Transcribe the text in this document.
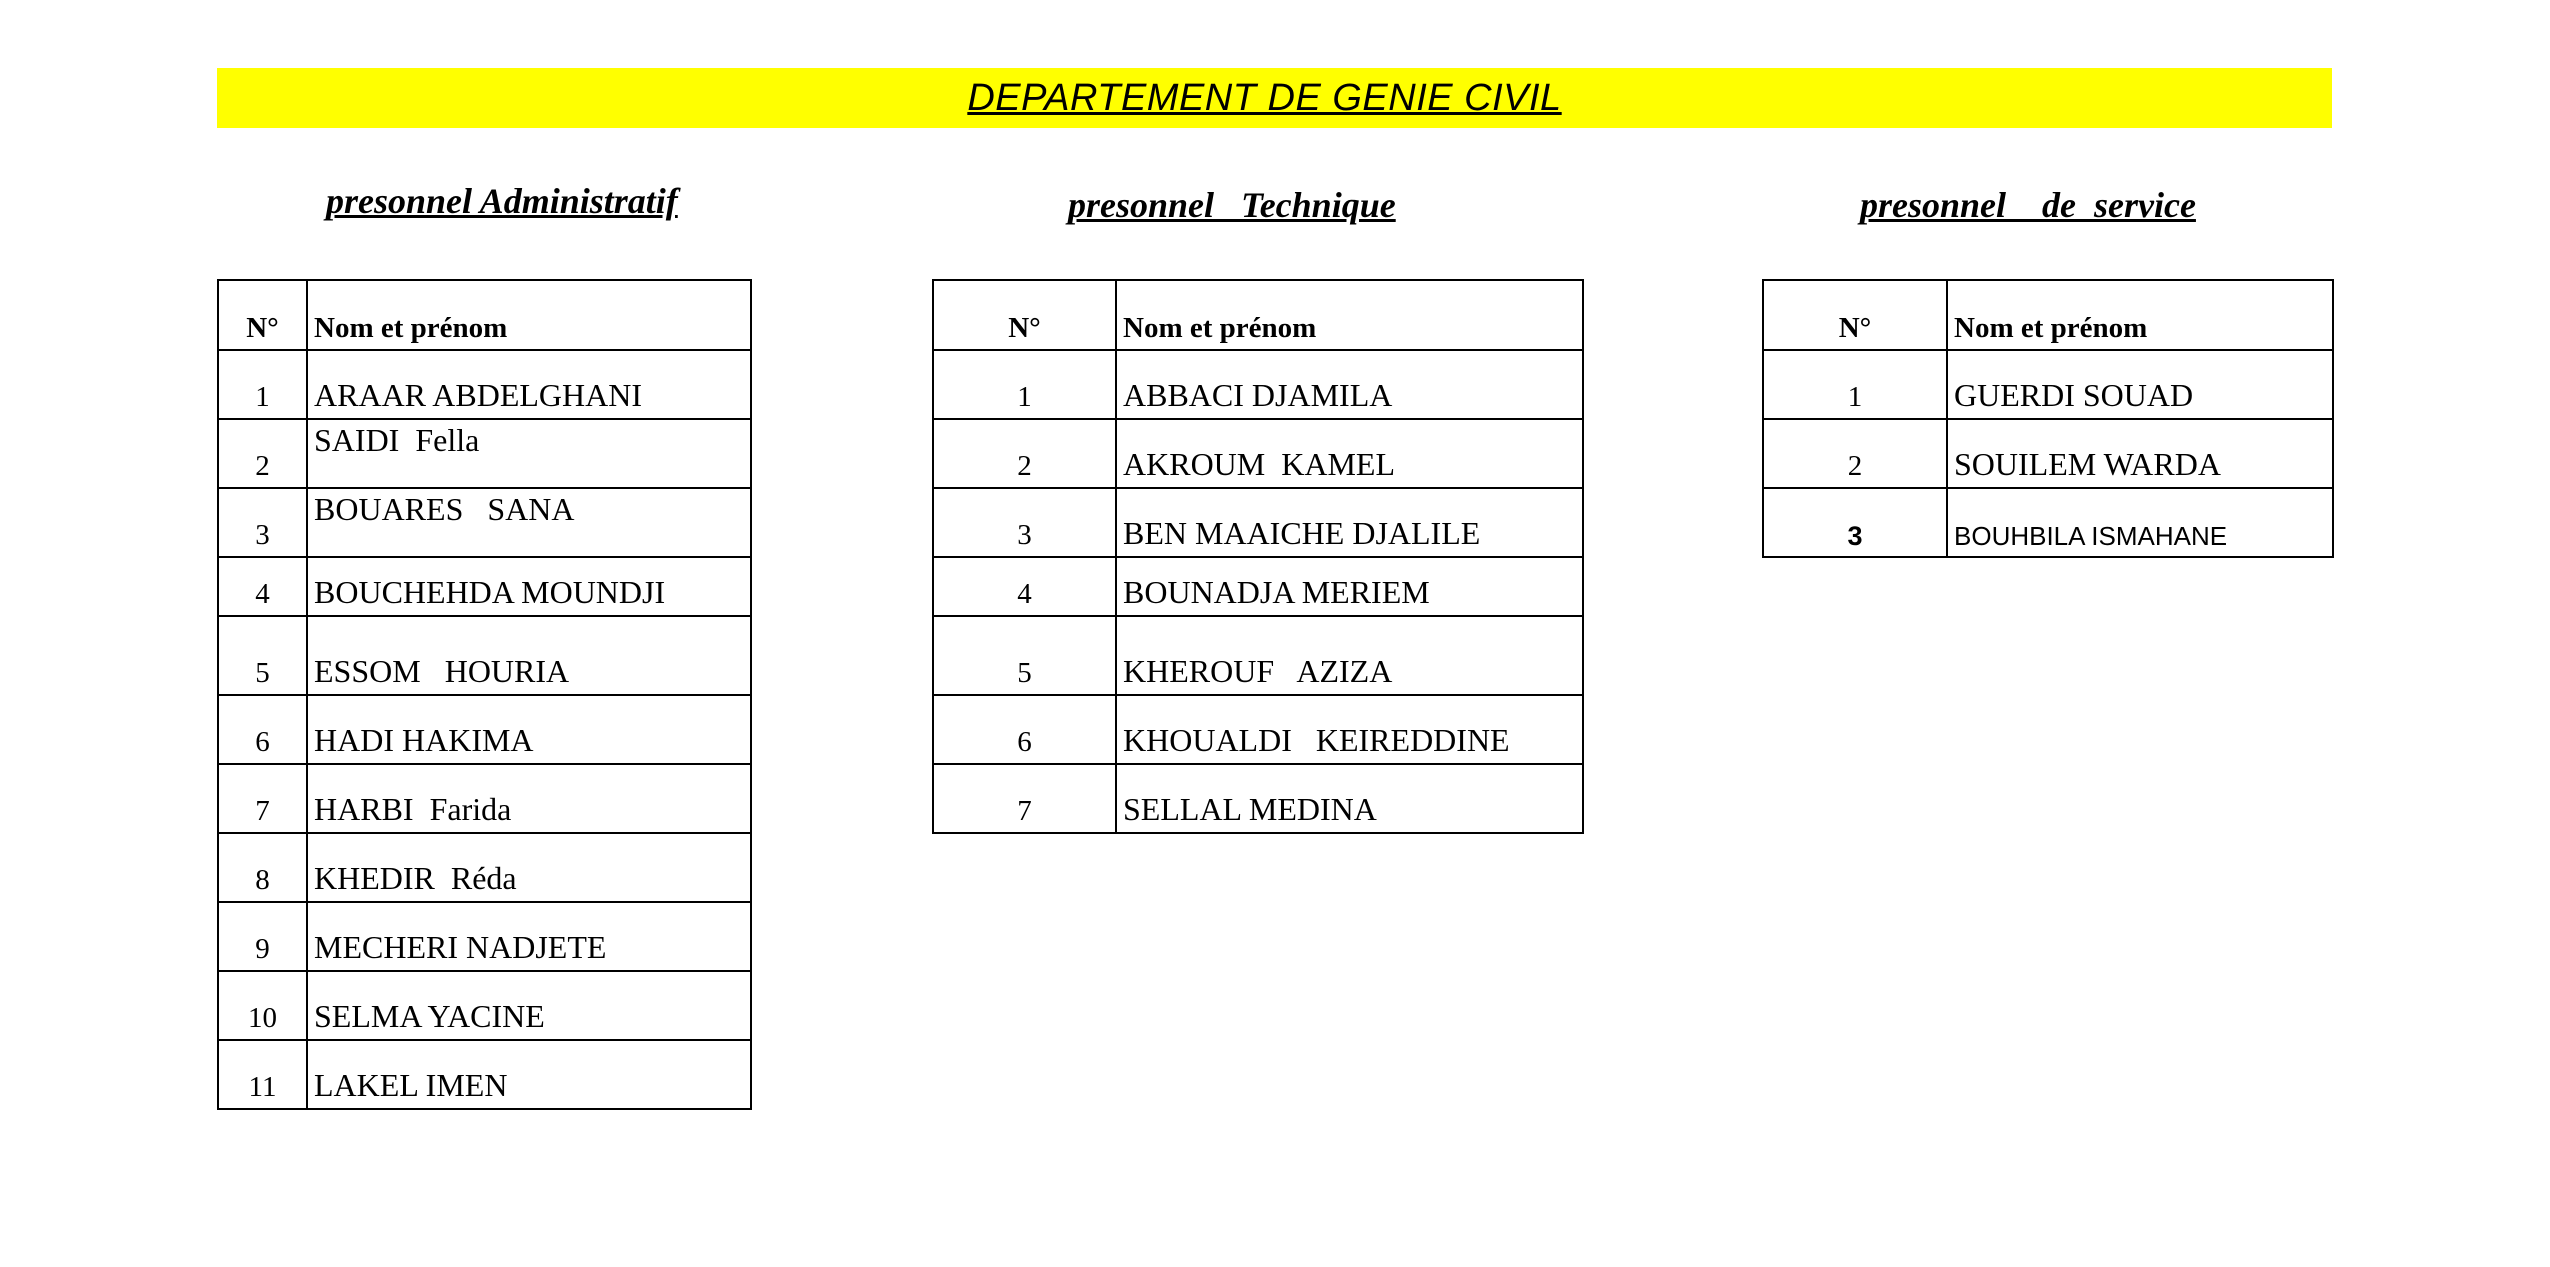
DEPARTEMENT DE GENIE CIVIL
presonnel Administratif	presonnel   Technique	presonnel    de  service
N°	Nom et prénom
1	ARAAR ABDELGHANI
2	SAIDI  Fella
3	BOUARES   SANA
4	BOUCHEHDA MOUNDJI
5	ESSOM   HOURIA
6	HADI HAKIMA
7	HARBI  Farida
8	KHEDIR  Réda
9	MECHERI NADJETE
10	SELMA YACINE
11	LAKEL IMEN
N°	Nom et prénom
1	ABBACI DJAMILA
2	AKROUM  KAMEL
3	BEN MAAICHE DJALILE
4	BOUNADJA MERIEM
5	KHEROUF   AZIZA
6	KHOUALDI   KEIREDDINE
7	SELLAL MEDINA
N°	Nom et prénom
1	GUERDI SOUAD
2	SOUILEM WARDA
3	BOUHBILA ISMAHANE
